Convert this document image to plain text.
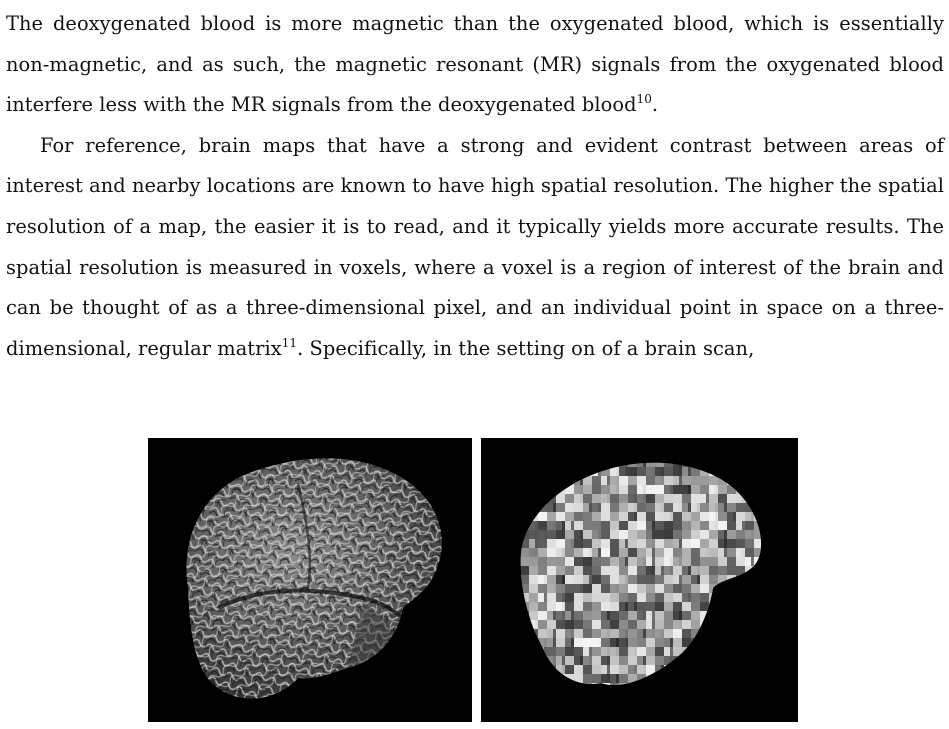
The deoxygenated blood is more magnetic than the oxygenated blood, which is essentially non-magnetic, and as such, the magnetic resonant (MR) signals from the oxygenated blood interfere less with the MR signals from the deoxygenated blood$^{10}$.

For reference, brain maps that have a strong and evident contrast between areas of interest and nearby locations are known to have high spatial resolution. The higher the spatial resolution of a map, the easier it is to read, and it typically yields more accurate results. The spatial resolution is measured in voxels, where a voxel is a region of interest of the brain and can be thought of as a three-dimensional pixel, and an individual point in space on a three-dimensional, regular matrix$^{11}$. Specifically, in the setting on of a brain scan,
